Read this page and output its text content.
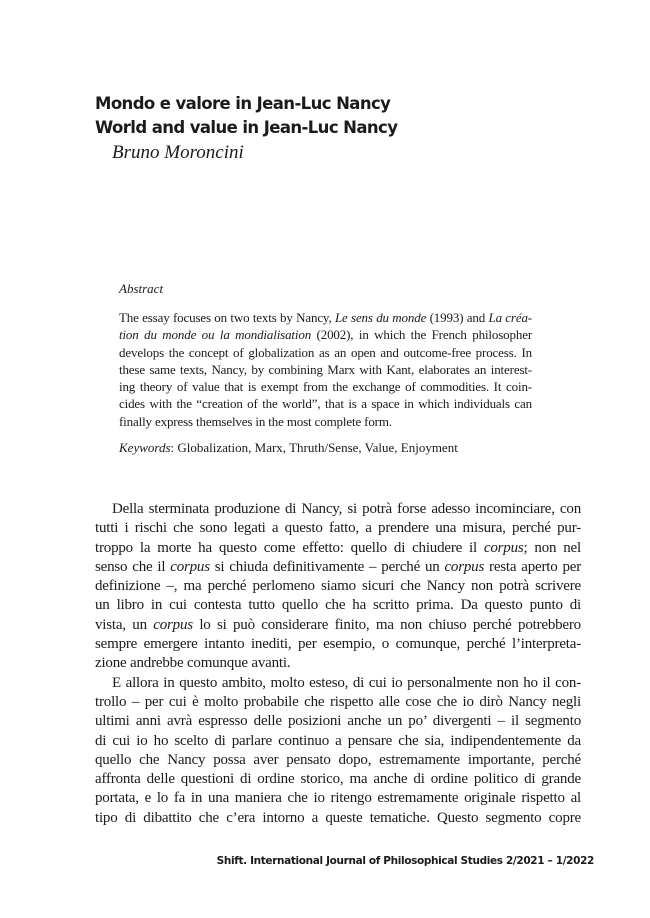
Mondo e valore in Jean-Luc Nancy

World and value in Jean-Luc Nancy

Bruno Moroncini

Abstract

The essay focuses on two texts by Nancy, Le sens du monde (1993) and La créa-

tion du monde ou la mondialisation (2002), in which the French philosopher

develops the concept of globalization as an open and outcome-free process. In

these same texts, Nancy, by combining Marx with Kant, elaborates an interest-

ing theory of value that is exempt from the exchange of commodities. It coin-

cides with the “creation of the world”, that is a space in which individuals can

finally express themselves in the most complete form.

Keywords: Globalization, Marx, Thruth/Sense, Value, Enjoyment

Della sterminata produzione di Nancy, si potrà forse adesso incominciare, con

tutti i rischi che sono legati a questo fatto, a prendere una misura, perché pur-

troppo la morte ha questo come effetto: quello di chiudere il corpus; non nel

senso che il corpus si chiuda definitivamente – perché un corpus resta aperto per

definizione –, ma perché perlomeno siamo sicuri che Nancy non potrà scrivere

un libro in cui contesta tutto quello che ha scritto prima. Da questo punto di

vista, un corpus lo si può considerare finito, ma non chiuso perché potrebbero

sempre emergere intanto inediti, per esempio, o comunque, perché l’interpreta-

zione andrebbe comunque avanti.

E allora in questo ambito, molto esteso, di cui io personalmente non ho il con-

trollo – per cui è molto probabile che rispetto alle cose che io dirò Nancy negli

ultimi anni avrà espresso delle posizioni anche un po’ divergenti – il segmento

di cui io ho scelto di parlare continuo a pensare che sia, indipendentemente da

quello che Nancy possa aver pensato dopo, estremamente importante, perché

affronta delle questioni di ordine storico, ma anche di ordine politico di grande

portata, e lo fa in una maniera che io ritengo estremamente originale rispetto al

tipo di dibattito che c’era intorno a queste tematiche. Questo segmento copre

Shift. International Journal of Philosophical Studies 2/2021 – 1/2022
